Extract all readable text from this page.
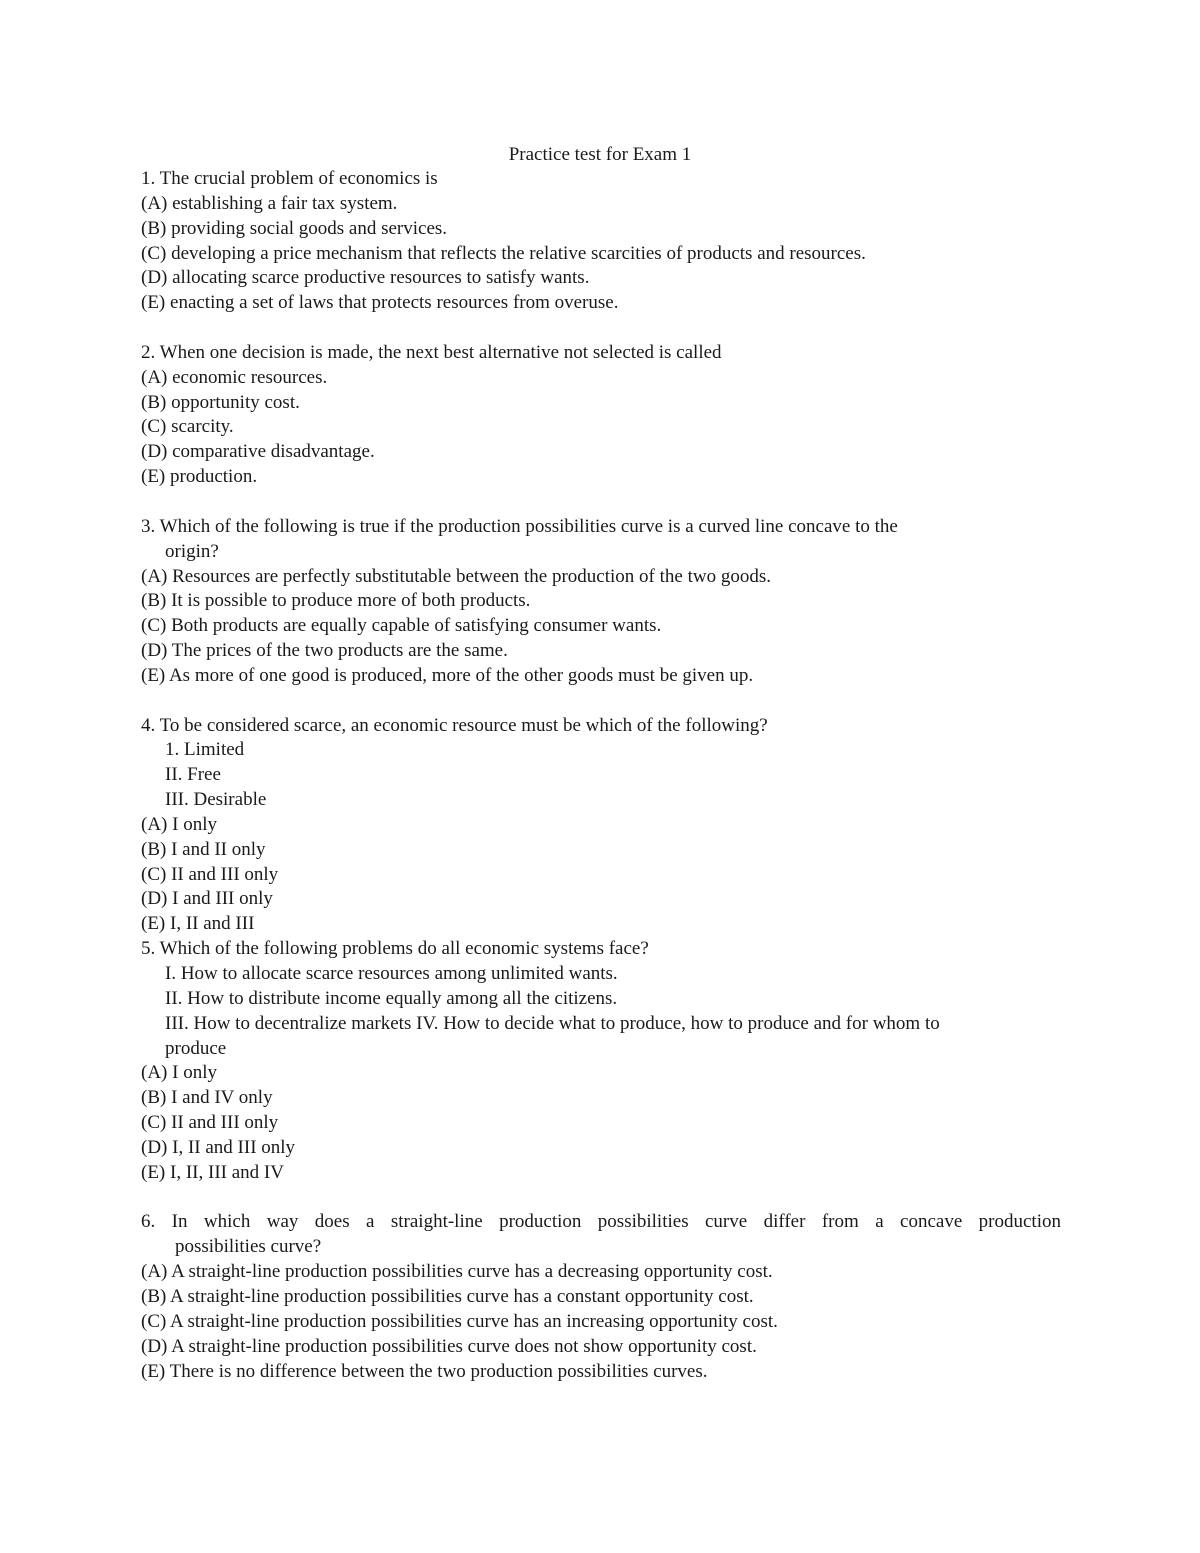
Practice test for Exam 1
1. The crucial problem of economics is
(A) establishing a fair tax system.
(B) providing social goods and services.
(C) developing a price mechanism that reflects the relative scarcities of products and resources.
(D) allocating scarce productive resources to satisfy wants.
(E) enacting a set of laws that protects resources from overuse.
2. When one decision is made, the next best alternative not selected is called
(A) economic resources.
(B) opportunity cost.
(C) scarcity.
(D) comparative disadvantage.
(E) production.
3. Which of the following is true if the production possibilities curve is a curved line concave to the
origin?
(A) Resources are perfectly substitutable between the production of the two goods.
(B) It is possible to produce more of both products.
(C) Both products are equally capable of satisfying consumer wants.
(D) The prices of the two products are the same.
(E) As more of one good is produced, more of the other goods must be given up.
4. To be considered scarce, an economic resource must be which of the following?
1. Limited
II. Free
III. Desirable
(A) I only
(B) I and II only
(C) II and III only
(D) I and III only
(E) I, II and III
5. Which of the following problems do all economic systems face?
I. How to allocate scarce resources among unlimited wants.
II. How to distribute income equally among all the citizens.
III. How to decentralize markets IV. How to decide what to produce, how to produce and for whom to
produce
(A) I only
(B) I and IV only
(C) II and III only
(D) I, II and III only
(E) I, II, III and IV
6. In which way does a straight-line production possibilities curve differ from a concave production
possibilities curve?
(A) A straight-line production possibilities curve has a decreasing opportunity cost.
(B) A straight-line production possibilities curve has a constant opportunity cost.
(C) A straight-line production possibilities curve has an increasing opportunity cost.
(D) A straight-line production possibilities curve does not show opportunity cost.
(E) There is no difference between the two production possibilities curves.
